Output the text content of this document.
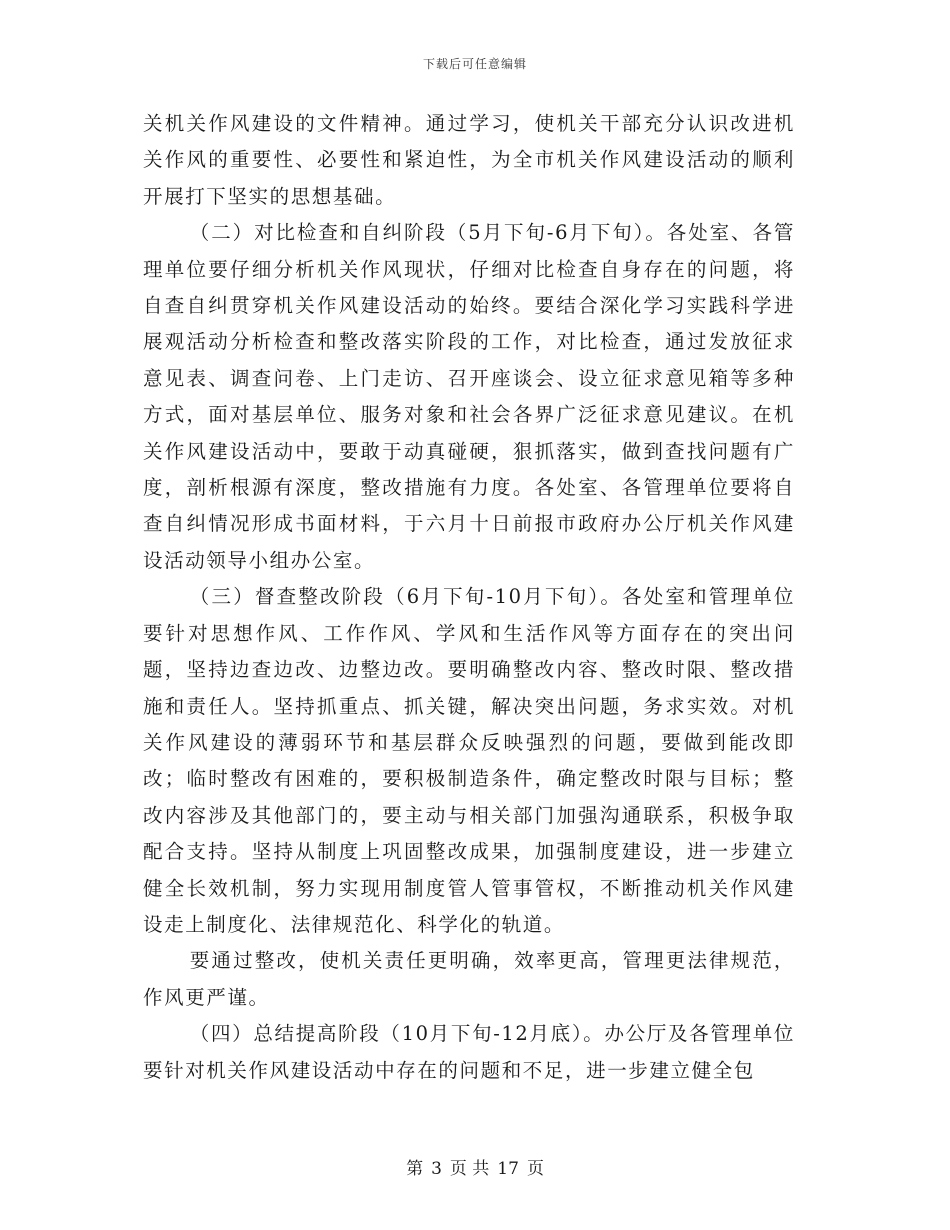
下载后可任意编辑

关机关作风建设的文件精神。通过学习，使机关干部充分认识改进机关作风的重要性、必要性和紧迫性，为全市机关作风建设活动的顺利开展打下坚实的思想基础。

（二）对比检查和自纠阶段（5月下旬-6月下旬）。各处室、各管理单位要仔细分析机关作风现状，仔细对比检查自身存在的问题，将自查自纠贯穿机关作风建设活动的始终。要结合深化学习实践科学进展观活动分析检查和整改落实阶段的工作，对比检查，通过发放征求意见表、调查问卷、上门走访、召开座谈会、设立征求意见箱等多种方式，面对基层单位、服务对象和社会各界广泛征求意见建议。在机关作风建设活动中，要敢于动真碰硬，狠抓落实，做到查找问题有广度，剖析根源有深度，整改措施有力度。各处室、各管理单位要将自查自纠情况形成书面材料，于六月十日前报市政府办公厅机关作风建设活动领导小组办公室。

（三）督查整改阶段（6月下旬-10月下旬）。各处室和管理单位要针对思想作风、工作作风、学风和生活作风等方面存在的突出问题，坚持边查边改、边整边改。要明确整改内容、整改时限、整改措施和责任人。坚持抓重点、抓关键，解决突出问题，务求实效。对机关作风建设的薄弱环节和基层群众反映强烈的问题，要做到能改即改；临时整改有困难的，要积极制造条件，确定整改时限与目标；整改内容涉及其他部门的，要主动与相关部门加强沟通联系，积极争取配合支持。坚持从制度上巩固整改成果，加强制度建设，进一步建立健全长效机制，努力实现用制度管人管事管权，不断推动机关作风建设走上制度化、法律规范化、科学化的轨道。

要通过整改，使机关责任更明确，效率更高，管理更法律规范，作风更严谨。

（四）总结提高阶段（10月下旬-12月底）。办公厅及各管理单位要针对机关作风建设活动中存在的问题和不足，进一步建立健全包

第 3 页 共 17 页
